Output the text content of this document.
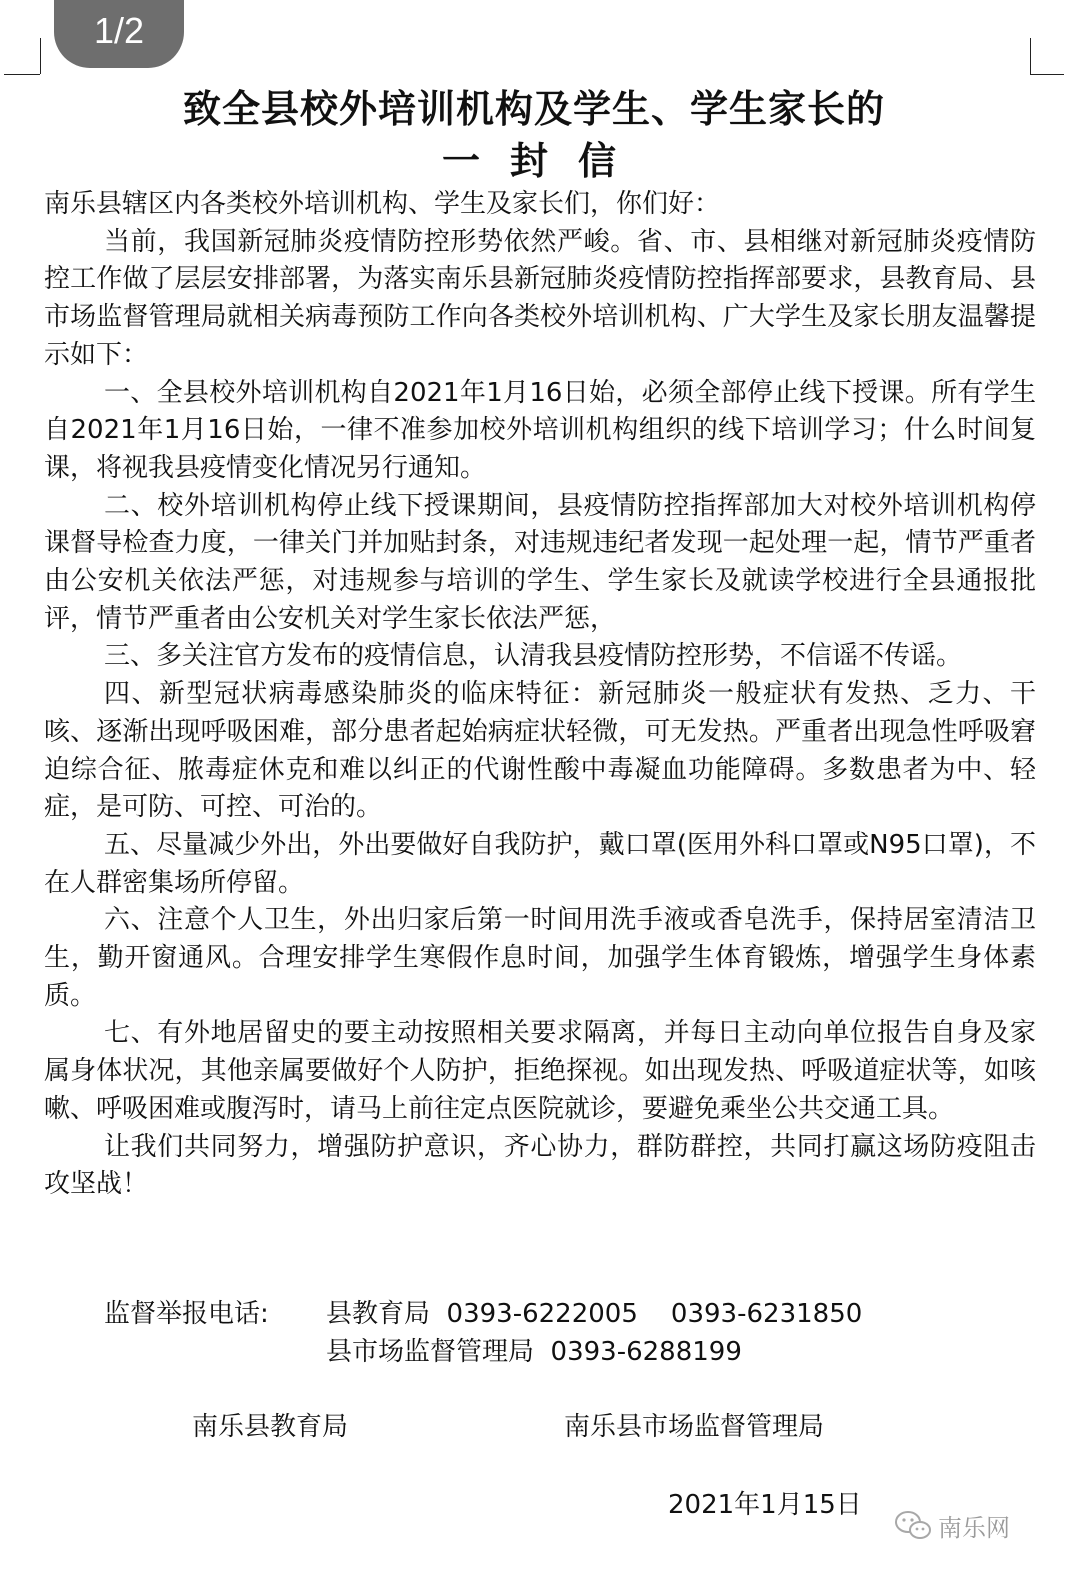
1/2
致全县校外培训机构及学生、学生家长的
一封信

南乐县辖区内各类校外培训机构、学生及家长们，你们好：

当前，我国新冠肺炎疫情防控形势依然严峻。省、市、县相继对新冠肺炎疫情防控工作做了层层安排部署，为落实南乐县新冠肺炎疫情防控指挥部要求，县教育局、县市场监督管理局就相关病毒预防工作向各类校外培训机构、广大学生及家长朋友温馨提示如下：

一、全县校外培训机构自2021年1月16日始，必须全部停止线下授课。所有学生自2021年1月16日始，一律不准参加校外培训机构组织的线下培训学习；什么时间复课，将视我县疫情变化情况另行通知。

二、校外培训机构停止线下授课期间，县疫情防控指挥部加大对校外培训机构停课督导检查力度，一律关门并加贴封条，对违规违纪者发现一起处理一起，情节严重者由公安机关依法严惩，对违规参与培训的学生、学生家长及就读学校进行全县通报批评，情节严重者由公安机关对学生家长依法严惩，

三、多关注官方发布的疫情信息，认清我县疫情防控形势，不信谣不传谣。

四、新型冠状病毒感染肺炎的临床特征：新冠肺炎一般症状有发热、乏力、干咳、逐渐出现呼吸困难，部分患者起始病症状轻微，可无发热。严重者出现急性呼吸窘迫综合征、脓毒症休克和难以纠正的代谢性酸中毒凝血功能障碍。多数患者为中、轻症，是可防、可控、可治的。

五、尽量减少外出，外出要做好自我防护，戴口罩(医用外科口罩或N95口罩)，不在人群密集场所停留。

六、注意个人卫生，外出归家后第一时间用洗手液或香皂洗手，保持居室清洁卫生，勤开窗通风。合理安排学生寒假作息时间，加强学生体育锻炼，增强学生身体素质。

七、有外地居留史的要主动按照相关要求隔离，并每日主动向单位报告自身及家属身体状况，其他亲属要做好个人防护，拒绝探视。如出现发热、呼吸道症状等，如咳嗽、呼吸困难或腹泻时，请马上前往定点医院就诊，要避免乘坐公共交通工具。

让我们共同努力，增强防护意识，齐心协力，群防群控，共同打赢这场防疫阻击攻坚战！

监督举报电话: 县教育局  0393-6222005    0393-6231850
县市场监督管理局  0393-6288199
南乐县教育局	南乐县市场监督管理局
2021年1月15日
南乐网
